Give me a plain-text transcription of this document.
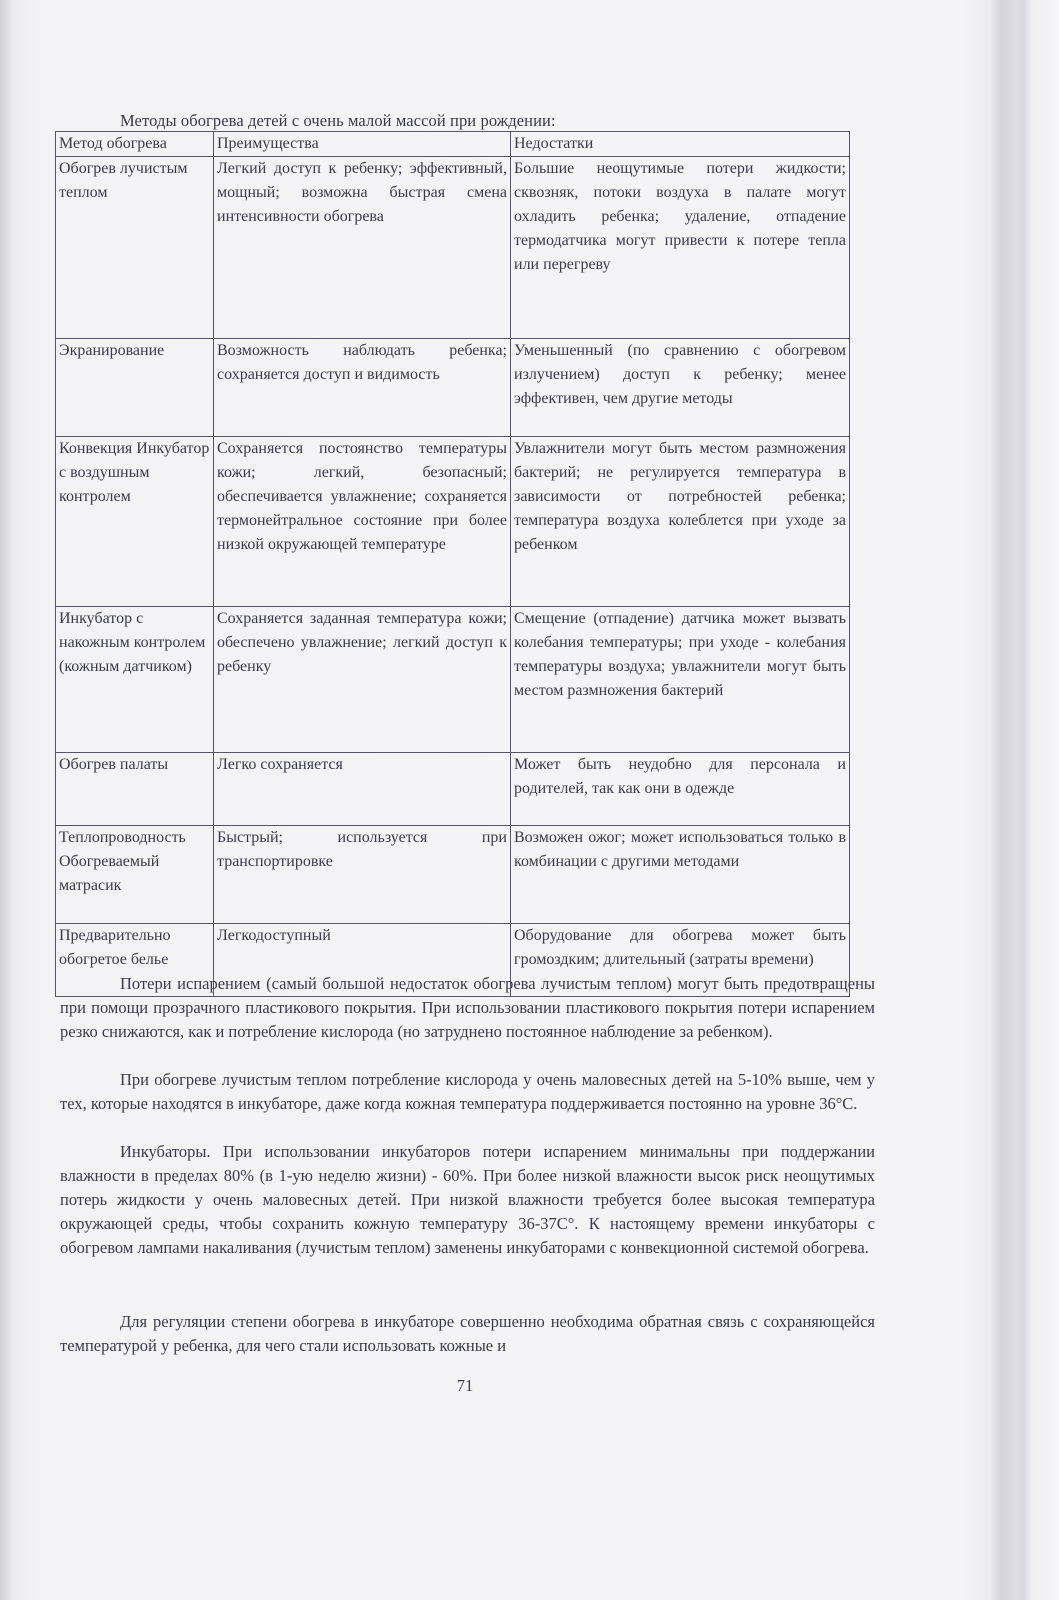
Методы обогрева детей с очень малой массой при рождении:
Метод обогрева	Преимущества	Недостатки
Обогрев лучистым теплом	Легкий доступ к ребенку; эффективный, мощный; возможна быстрая смена интенсивности обогрева	Большие неощутимые потери жидкости; сквозняк, потоки воздуха в палате могут охладить ребенка; удаление, отпадение термодатчика могут привести к потере тепла или перегреву
Экранирование	Возможность наблюдать ребенка; сохраняется доступ и видимость	Уменьшенный (по сравнению с обогревом излучением) доступ к ребенку; менее эффективен, чем другие методы
Конвекция Инкубатор с воздушным контролем	Сохраняется постоянство температуры кожи; легкий, безопасный; обеспечивается увлажнение; сохраняется термонейтральное состояние при более низкой окружающей температуре	Увлажнители могут быть местом размножения бактерий; не регулируется температура в зависимости от потребностей ребенка; температура воздуха колеблется при уходе за ребенком
Инкубатор с накожным контролем (кожным датчиком)	Сохраняется заданная температура кожи; обеспечено увлажнение; легкий доступ к ребенку	Смещение (отпадение) датчика может вызвать колебания температуры; при уходе - колебания температуры воздуха; увлажнители могут быть местом размножения бактерий
Обогрев палаты	Легко сохраняется	Может быть неудобно для персонала и родителей, так как они в одежде
Теплопроводность Обогреваемый матрасик	Быстрый; используется при транспортировке	Возможен ожог; может использоваться только в комбинации с другими методами
Предварительно обогретое белье	Легкодоступный	Оборудование для обогрева может быть громоздким; длительный (затраты времени)

Потери испарением (самый большой недостаток обогрева лучистым теплом) могут быть предотвращены при помощи прозрачного пластикового покрытия. При использовании пластикового покрытия потери испарением резко снижаются, как и потребление кислорода (но затруднено постоянное наблюдение за ребенком).

При обогреве лучистым теплом потребление кислорода у очень маловесных детей на 5-10% выше, чем у тех, которые находятся в инкубаторе, даже когда кожная температура поддерживается постоянно на уровне 36°С.

Инкубаторы. При использовании инкубаторов потери испарением минимальны при поддержании влажности в пределах 80% (в 1-ую неделю жизни) - 60%. При более низкой влажности высок риск неощутимых потерь жидкости у очень маловесных детей. При низкой влажности требуется более высокая температура окружающей среды, чтобы сохранить кожную температуру 36-37С°. К настоящему времени инкубаторы с обогревом лампами накаливания (лучистым теплом) заменены инкубаторами с конвекционной системой обогрева.

Для регуляции степени обогрева в инкубаторе совершенно необходима обратная связь с сохраняющейся температурой у ребенка, для чего стали использовать кожные и

71
